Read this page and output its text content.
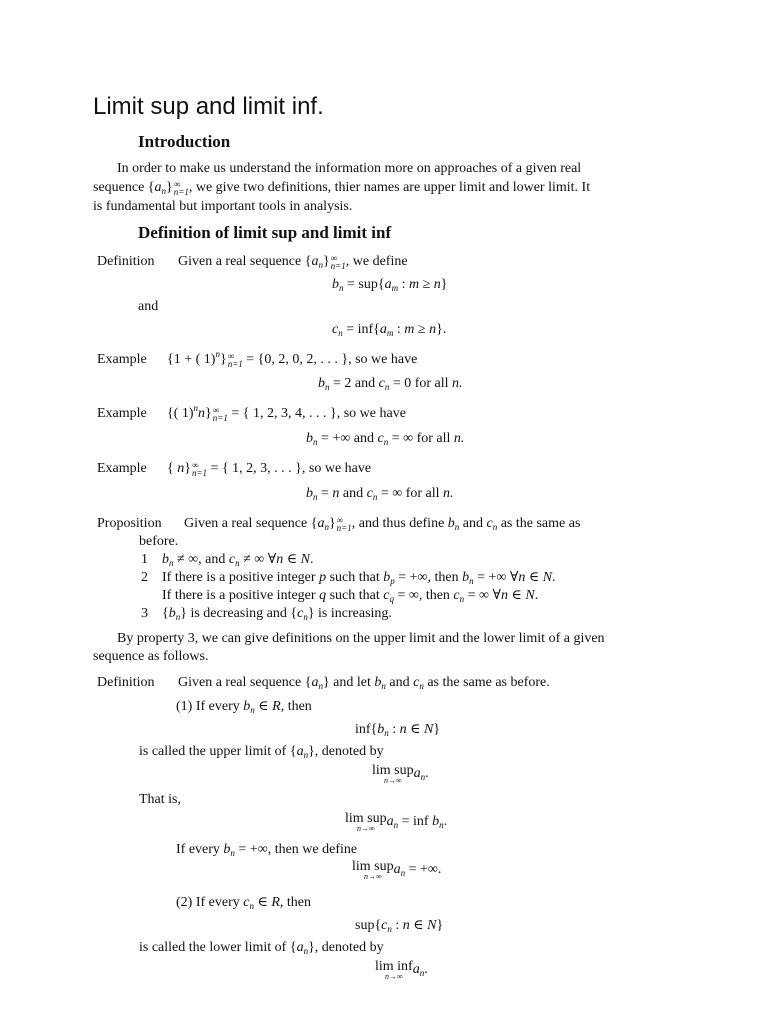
Limit sup and limit inf.
Introduction
In order to make us understand the information more on approaches of a given real
sequence $\{a_n\}$ ∞
n=1 , we give two definitions, thier names are upper limit and lower limit. It
is fundamental but important tools in analysis.
Definition of limit sup and limit inf
Definition Given a real sequence $\{a_n\}$ ∞
n=1 , we define
$b_n = sup\{a_m$ : m ≥ n}
and
$c_n = inf\{a_m$ : m ≥ n}.
Example {1 + ( 1)$^n$} ∞
n=1 = {0, 2, 0, 2, . . . }, so we have
$b_n = 2$ and $c_n = 0$ for all n.
Example {( 1)$^n$n} ∞
n=1 = { 1, 2, 3, 4, . . . }, so we have
$b_n$ = +∞ and $c_n$ = ∞ for all n.
Example { n} ∞
n=1 = { 1, 2, 3, . . . }, so we have
$b_n = n$ and $c_n$ = ∞ for all n.
Proposition Given a real sequence $\{a_n\}$ ∞
n=1 , and thus define $b_n$ and $c_n$ as the same as
before.
1 $b_n$ ≠ ∞, and $c_n$ ≠ ∞ ∀n ∈ N.
2 If there is a positive integer p such that $b_p$ = +∞, then $b_n$ = +∞ ∀n ∈ N.
If there is a positive integer q such that $c_q$ = ∞, then $c_n$ = ∞ ∀n ∈ N.
3 $\{b_n\}$ is decreasing and $\{c_n\}$ is increasing.
By property 3, we can give definitions on the upper limit and the lower limit of a given
sequence as follows.
Definition Given a real sequence $\{a_n\}$ and let $b_n$ and $c_n$ as the same as before.
(1) If every $b_n$ ∈ R, then
$inf\{b_n$ : n ∈ N}
is called the upper limit of $\{a_n\}$, denoted by
lim sup
n→∞ $a_n$.
That is,
lim sup
n→∞ $a_n$ = inf $b_n$.
If every $b_n$ = +∞, then we define
lim sup
n→∞ $a_n$ = +∞.
(2) If every $c_n$ ∈ R, then
$sup\{c_n$ : n ∈ N}
is called the lower limit of $\{a_n\}$, denoted by
lim inf
n→∞ $a_n$.
